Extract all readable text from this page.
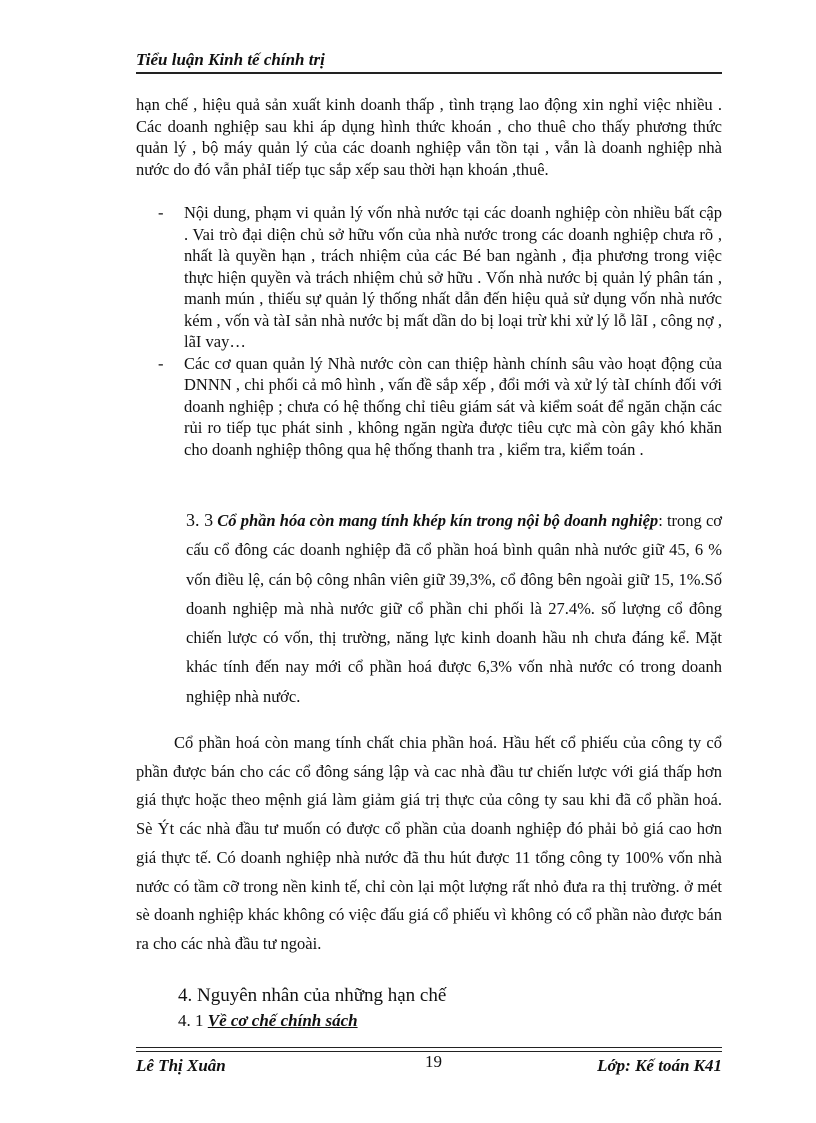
Tiểu luận Kinh tế chính trị

hạn chế , hiệu quả sản xuất kinh doanh thấp , tình trạng lao động xin nghỉ việc nhiều . Các doanh nghiệp sau khi áp dụng hình thức khoán , cho thuê cho thấy phương thức quản lý , bộ máy quản lý của các doanh nghiệp vẫn tồn tại , vẫn là doanh nghiệp nhà nước do đó vẫn phảI tiếp tục sắp xếp sau thời hạn khoán ,thuê.

- Nội dung, phạm vi quản lý vốn nhà nước tại các doanh nghiệp còn nhiều bất cập . Vai trò đại diện chủ sở hữu vốn của nhà nước trong các doanh nghiệp chưa rõ , nhất là quyền hạn , trách nhiệm của các Bé ban ngành , địa phương trong việc thực hiện quyền và trách nhiệm chủ sở hữu . Vốn nhà nước bị quản lý phân tán , manh mún , thiếu sự quản lý thống nhất dẫn đến hiệu quả sử dụng vốn nhà nước kém , vốn và tàI sản nhà nước bị mất dần do bị loại trừ khi xử lý lỗ lãI , công nợ , lãI vay…
- Các cơ quan quản lý Nhà nước còn can thiệp hành chính sâu vào hoạt động của DNNN , chi phối cả mô hình , vấn đề sắp xếp , đổi mới và xử lý tàI chính đối với doanh nghiệp ; chưa có hệ thống chỉ tiêu giám sát và kiểm soát để ngăn chặn các rủi ro tiếp tục phát sinh , không ngăn ngừa được tiêu cực mà còn gây khó khăn cho doanh nghiệp thông qua hệ thống thanh tra , kiểm tra, kiểm toán .

3. 3 Cổ phần hóa còn mang tính khép kín trong nội bộ doanh nghiệp: trong cơ cấu cổ đông các doanh nghiệp đã cổ phần hoá bình quân nhà nước giữ 45, 6 % vốn điều lệ, cán bộ công nhân viên giữ 39,3%, cổ đông bên ngoài giữ 15, 1%.Số doanh nghiệp mà nhà nước giữ cổ phần chi phối là 27.4%. số lượng cổ đông chiến lược có vốn, thị trường, năng lực kinh doanh hầu nh chưa đáng kể. Mặt khác tính đến nay mới cổ phần hoá được 6,3% vốn nhà nước có trong doanh nghiệp nhà nước.

Cổ phần hoá còn mang tính chất chia phần hoá. Hầu hết cổ phiếu của công ty cổ phần được bán cho các cổ đông sáng lập và cac nhà đầu tư chiến lược với giá thấp hơn giá thực hoặc theo mệnh giá làm giảm giá trị thực của công ty sau khi đã cổ phần hoá. Sè Ýt các nhà đầu tư muốn có được cổ phần của doanh nghiệp đó phải bỏ giá cao hơn giá thực tế. Có doanh nghiệp nhà nước đã thu hút được 11 tổng công ty 100% vốn nhà nước có tầm cỡ trong nền kinh tế, chỉ còn lại một lượng rất nhỏ đưa ra thị trường. ở mét sè doanh nghiệp khác không có việc đấu giá cổ phiếu vì không có cổ phần nào được bán ra cho các nhà đầu tư ngoài.

4. Nguyên nhân của những hạn chế

4. 1 Về cơ chế chính sách

Lê Thị Xuân	19	Lớp: Kế toán K41
